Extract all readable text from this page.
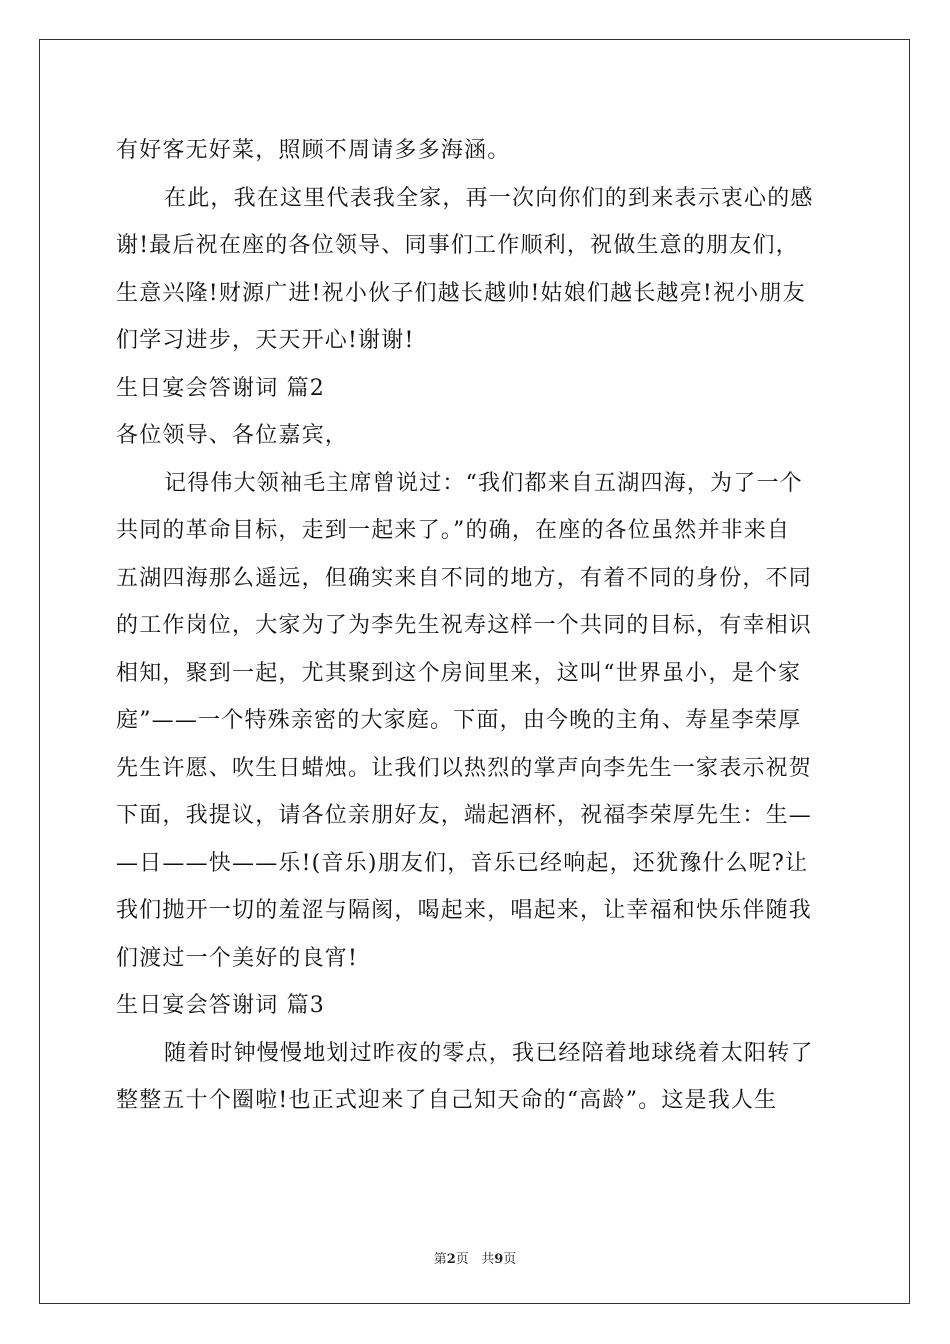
有好客无好菜，照顾不周请多多海涵。
在此，我在这里代表我全家，再一次向你们的到来表示衷心的感
谢!最后祝在座的各位领导、同事们工作顺利，祝做生意的朋友们，
生意兴隆!财源广进!祝小伙子们越长越帅!姑娘们越长越亮!祝小朋友
们学习进步，天天开心!谢谢!
生日宴会答谢词 篇2
各位领导、各位嘉宾，
记得伟大领袖毛主席曾说过：“我们都来自五湖四海，为了一个
共同的革命目标，走到一起来了。”的确，在座的各位虽然并非来自
五湖四海那么遥远，但确实来自不同的地方，有着不同的身份，不同
的工作岗位，大家为了为李先生祝寿这样一个共同的目标，有幸相识
相知，聚到一起，尤其聚到这个房间里来，这叫“世界虽小，是个家
庭”——一个特殊亲密的大家庭。下面，由今晚的主角、寿星李荣厚
先生许愿、吹生日蜡烛。让我们以热烈的掌声向李先生一家表示祝贺
下面，我提议，请各位亲朋好友，端起酒杯，祝福李荣厚先生：生—
—日——快——乐!(音乐)朋友们，音乐已经响起，还犹豫什么呢?让
我们抛开一切的羞涩与隔阂，喝起来，唱起来，让幸福和快乐伴随我
们渡过一个美好的良宵!
生日宴会答谢词 篇3
随着时钟慢慢地划过昨夜的零点，我已经陪着地球绕着太阳转了
整整五十个圈啦!也正式迎来了自己知天命的“高龄”。这是我人生
第2页 共9页
